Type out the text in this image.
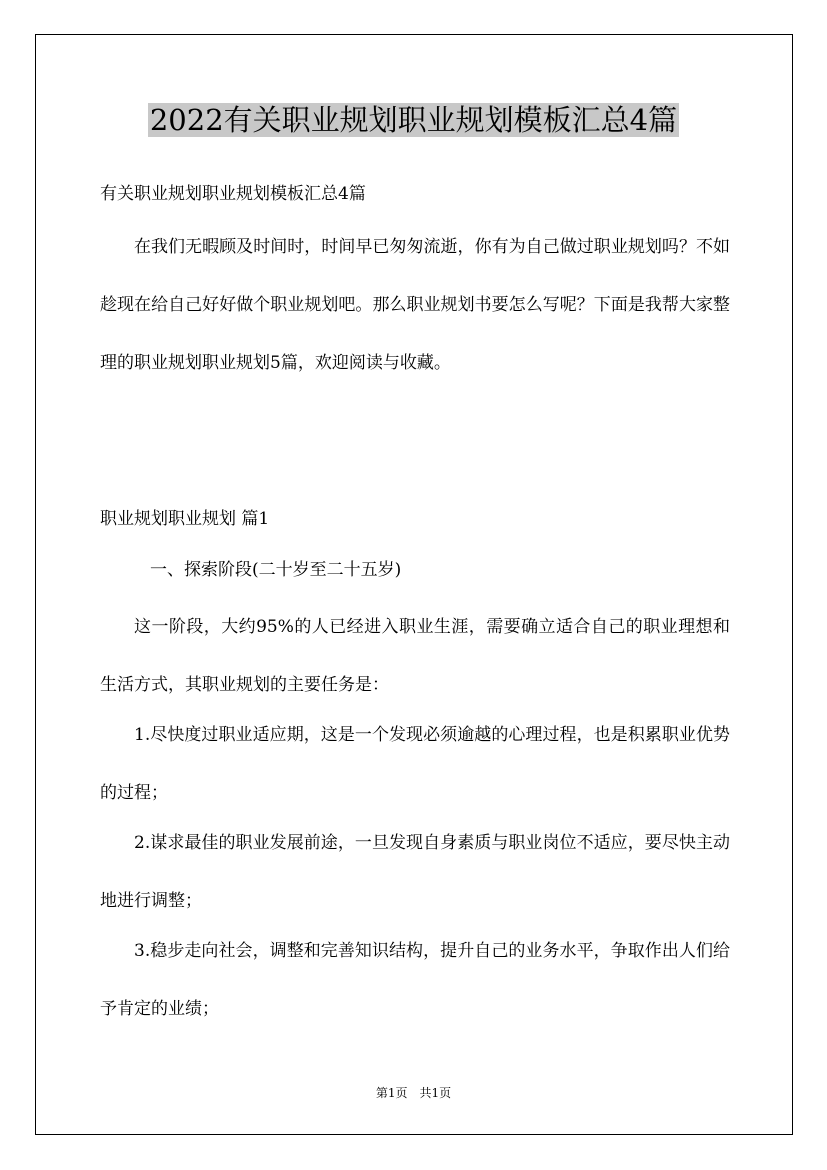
2022有关职业规划职业规划模板汇总4篇
有关职业规划职业规划模板汇总4篇

在我们无暇顾及时间时，时间早已匆匆流逝，你有为自己做过职业规划吗？不如趁现在给自己好好做个职业规划吧。那么职业规划书要怎么写呢？下面是我帮大家整理的职业规划职业规划5篇，欢迎阅读与收藏。

职业规划职业规划 篇1
一、探索阶段(二十岁至二十五岁)

这一阶段，大约95%的人已经进入职业生涯，需要确立适合自己的职业理想和生活方式，其职业规划的主要任务是：

1.尽快度过职业适应期，这是一个发现必须逾越的心理过程，也是积累职业优势的过程；

2.谋求最佳的职业发展前途，一旦发现自身素质与职业岗位不适应，要尽快主动地进行调整；

3.稳步走向社会，调整和完善知识结构，提升自己的业务水平，争取作出人们给予肯定的业绩；

第1页　共1页
